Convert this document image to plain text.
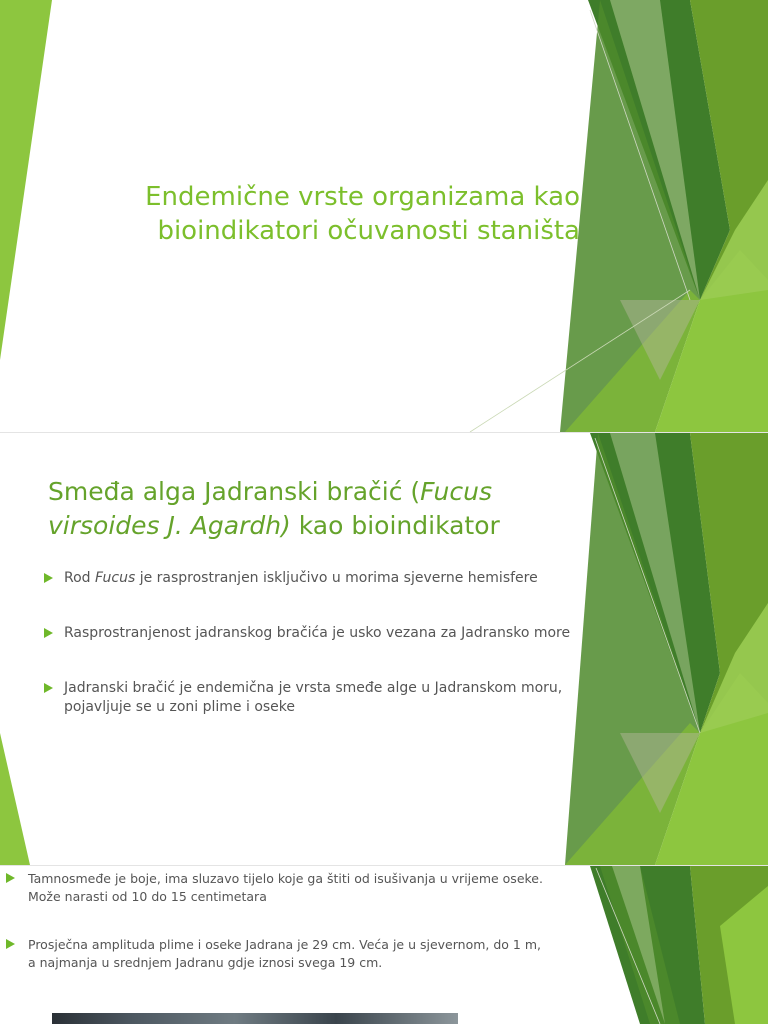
Endemične vrste organizama kao
bioindikatori očuvanosti staništa
Smeđa alga Jadranski bračić (Fucus virsoides J. Agardh) kao bioindikator
Rod Fucus je rasprostranjen isključivo u morima sjeverne hemisfere
Rasprostranjenost jadranskog bračića je usko vezana za Jadransko more
Jadranski bračić je endemična je vrsta smeđe alge u Jadranskom moru, pojavljuje se u zoni plime i oseke
Tamnosmeđe je boje, ima sluzavo tijelo koje ga štiti od isušivanja u vrijeme oseke. Može narasti od 10 do 15 centimetara
Prosječna amplituda plime i oseke Jadrana je 29 cm. Veća je u sjevernom, do 1 m, a najmanja u srednjem Jadranu gdje iznosi svega 19 cm.
